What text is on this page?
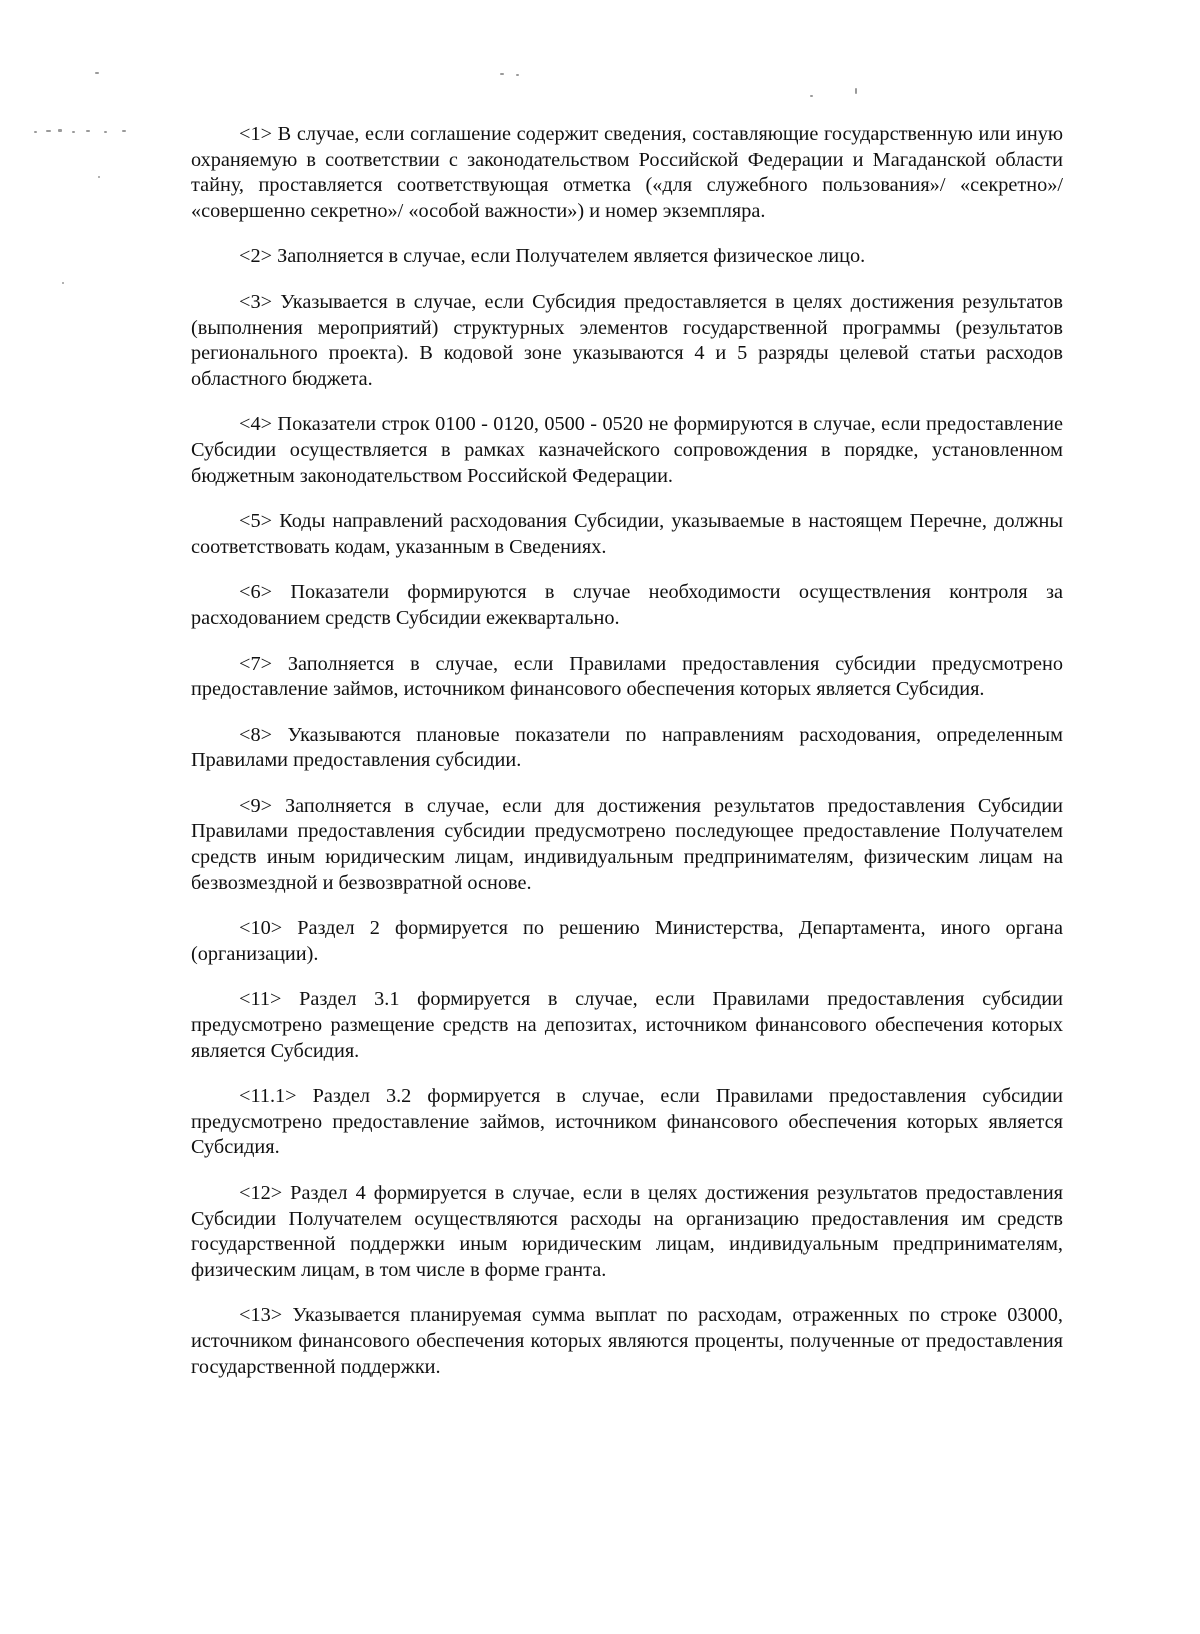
<1> В случае, если соглашение содержит сведения, составляющие государственную или иную охраняемую в соответствии с законодательством Российской Федерации и Магаданской области тайну, проставляется соответствующая отметка («для служебного пользования»/ «секретно»/ «совершенно секретно»/ «особой важности») и номер экземпляра.

<2> Заполняется в случае, если Получателем является физическое лицо.

<3> Указывается в случае, если Субсидия предоставляется в целях достижения результатов (выполнения мероприятий) структурных элементов государственной программы (результатов регионального проекта). В кодовой зоне указываются 4 и 5 разряды целевой статьи расходов областного бюджета.

<4> Показатели строк 0100 - 0120, 0500 - 0520 не формируются в случае, если предоставление Субсидии осуществляется в рамках казначейского сопровождения в порядке, установленном бюджетным законодательством Российской Федерации.

<5> Коды направлений расходования Субсидии, указываемые в настоящем Перечне, должны соответствовать кодам, указанным в Сведениях.

<6> Показатели формируются в случае необходимости осуществления контроля за расходованием средств Субсидии ежеквартально.

<7> Заполняется в случае, если Правилами предоставления субсидии предусмотрено предоставление займов, источником финансового обеспечения которых является Субсидия.

<8> Указываются плановые показатели по направлениям расходования, определенным Правилами предоставления субсидии.

<9> Заполняется в случае, если для достижения результатов предоставления Субсидии Правилами предоставления субсидии предусмотрено последующее предоставление Получателем средств иным юридическим лицам, индивидуальным предпринимателям, физическим лицам на безвозмездной и безвозвратной основе.

<10> Раздел 2 формируется по решению Министерства, Департамента, иного органа (организации).

<11> Раздел 3.1 формируется в случае, если Правилами предоставления субсидии предусмотрено размещение средств на депозитах, источником финансового обеспечения которых является Субсидия.

<11.1> Раздел 3.2 формируется в случае, если Правилами предоставления субсидии предусмотрено предоставление займов, источником финансового обеспечения которых является Субсидия.

<12> Раздел 4 формируется в случае, если в целях достижения результатов предоставления Субсидии Получателем осуществляются расходы на организацию предоставления им средств государственной поддержки иным юридическим лицам, индивидуальным предпринимателям, физическим лицам, в том числе в форме гранта.

<13> Указывается планируемая сумма выплат по расходам, отраженных по строке 03000, источником финансового обеспечения которых являются проценты, полученные от предоставления государственной поддержки.
